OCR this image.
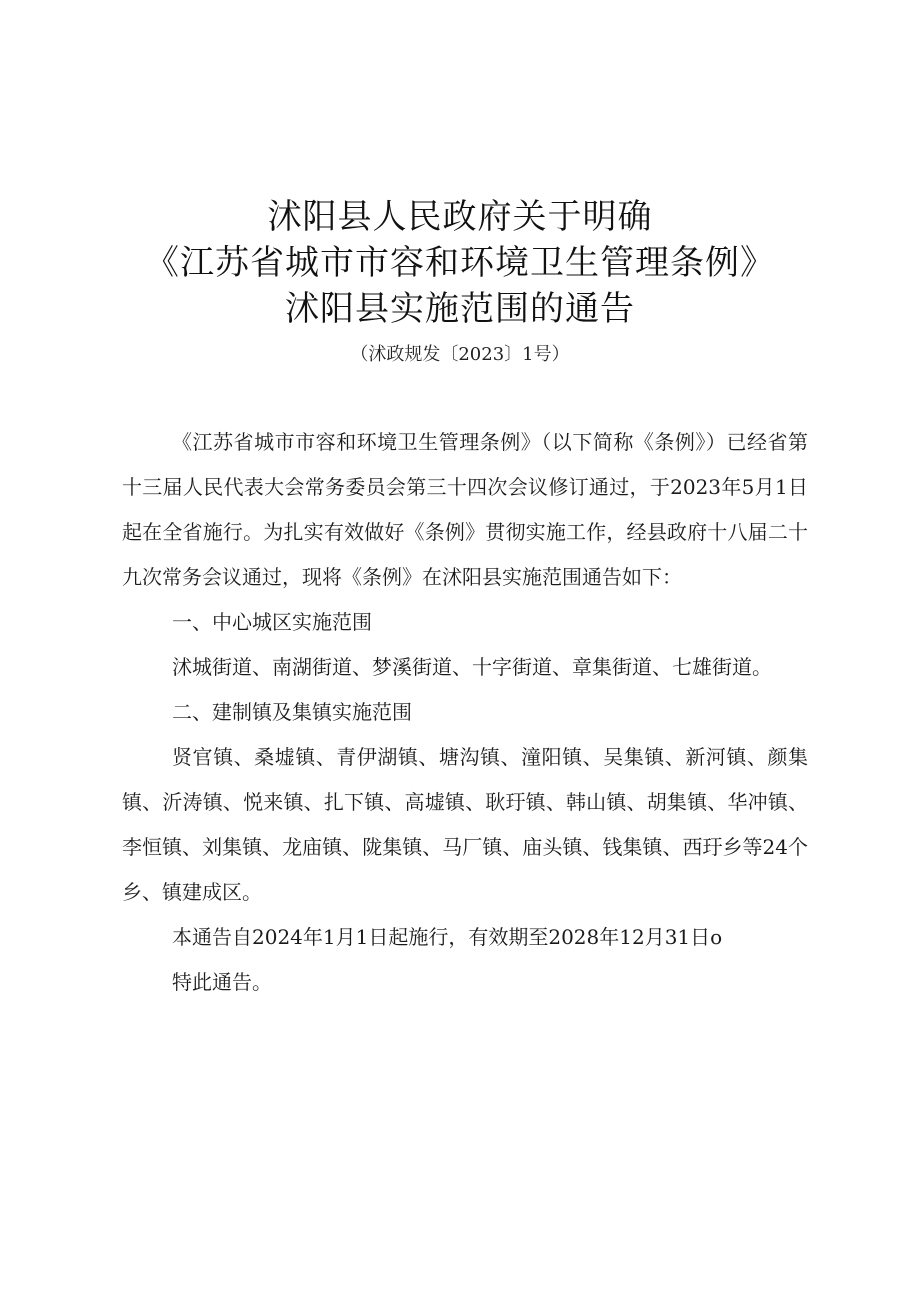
沭阳县人民政府关于明确
《江苏省城市市容和环境卫生管理条例》
沭阳县实施范围的通告
（沭政规发〔2023〕1号）

《江苏省城市市容和环境卫生管理条例》（以下简称《条例》）已经省第十三届人民代表大会常务委员会第三十四次会议修订通过，于2023年5月1日起在全省施行。为扎实有效做好《条例》贯彻实施工作，经县政府十八届二十九次常务会议通过，现将《条例》在沭阳县实施范围通告如下：

一、中心城区实施范围

沭城街道、南湖街道、梦溪街道、十字街道、章集街道、七雄街道。

二、建制镇及集镇实施范围

贤官镇、桑墟镇、青伊湖镇、塘沟镇、潼阳镇、吴集镇、新河镇、颜集镇、沂涛镇、悦来镇、扎下镇、高墟镇、耿玗镇、韩山镇、胡集镇、华冲镇、李恒镇、刘集镇、龙庙镇、陇集镇、马厂镇、庙头镇、钱集镇、西玗乡等24个乡、镇建成区。

本通告自2024年1月1日起施行，有效期至2028年12月31日o

特此通告。
